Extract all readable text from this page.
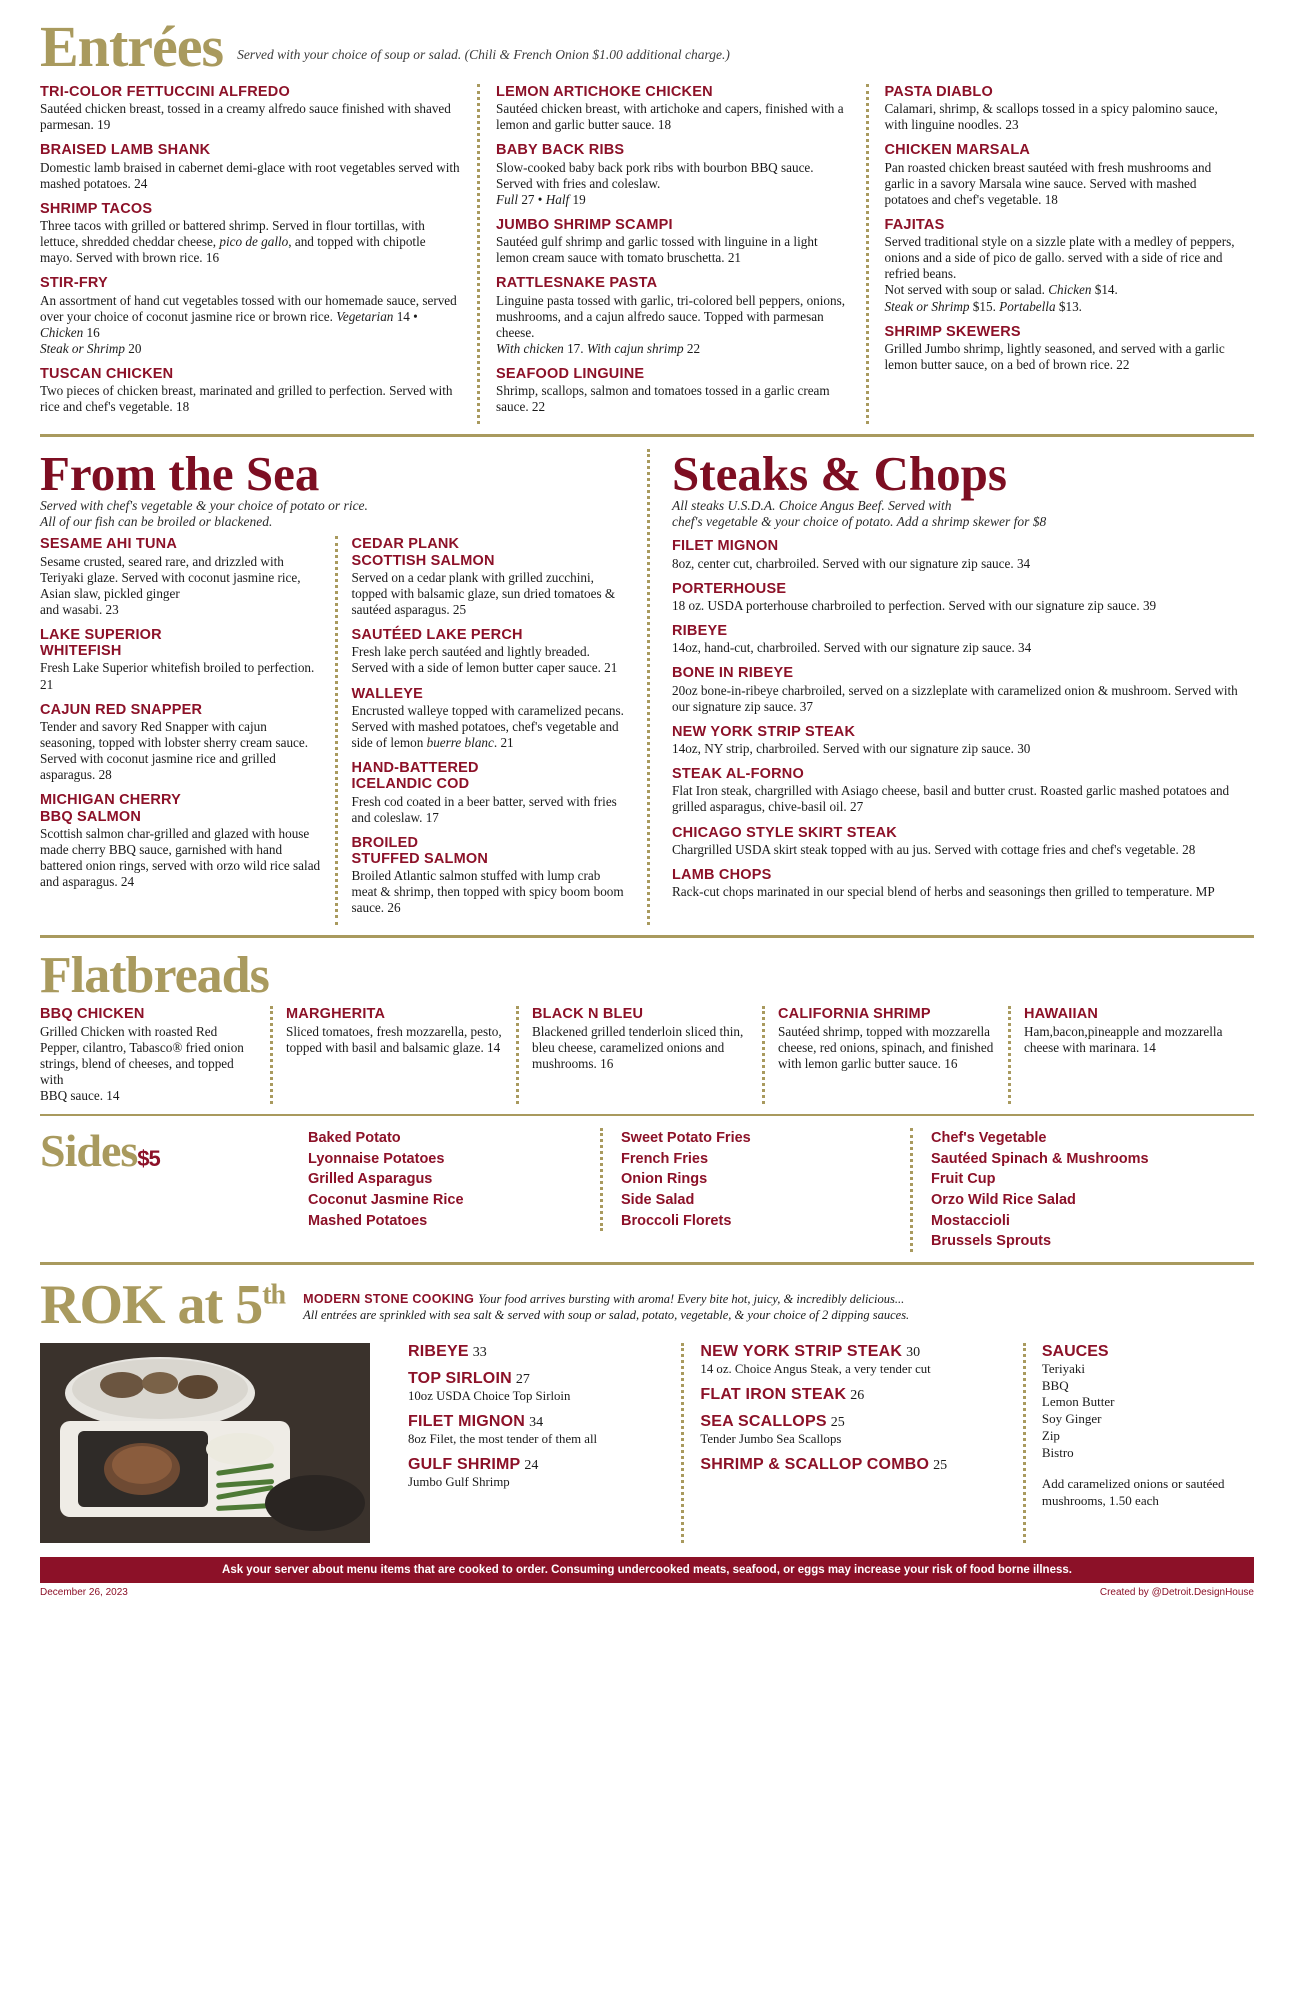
Entrées Served with your choice of soup or salad. (Chili & French Onion $1.00 additional charge.)
TRI-COLOR FETTUCCINI ALFREDO
Sautéed chicken breast, tossed in a creamy alfredo sauce finished with shaved parmesan. 19
BRAISED LAMB SHANK
Domestic lamb braised in cabernet demi-glace with root vegetables served with mashed potatoes. 24
SHRIMP TACOS
Three tacos with grilled or battered shrimp. Served in flour tortillas, with lettuce, shredded cheddar cheese, pico de gallo, and topped with chipotle mayo. Served with brown rice. 16
STIR-FRY
An assortment of hand cut vegetables tossed with our homemade sauce, served over your choice of coconut jasmine rice or brown rice. Vegetarian 14 • Chicken 16
Steak or Shrimp 20
TUSCAN CHICKEN
Two pieces of chicken breast, marinated and grilled to perfection. Served with rice and chef's vegetable. 18
LEMON ARTICHOKE CHICKEN
Sautéed chicken breast, with artichoke and capers, finished with a lemon and garlic butter sauce. 18
BABY BACK RIBS
Slow-cooked baby back pork ribs with bourbon BBQ sauce. Served with fries and coleslaw.
Full 27 • Half 19
JUMBO SHRIMP SCAMPI
Sautéed gulf shrimp and garlic tossed with linguine in a light lemon cream sauce with tomato bruschetta. 21
RATTLESNAKE PASTA
Linguine pasta tossed with garlic, tri-colored bell peppers, onions, mushrooms, and a cajun alfredo sauce. Topped with parmesan cheese.
With chicken 17. With cajun shrimp 22
SEAFOOD LINGUINE
Shrimp, scallops, salmon and tomatoes tossed in a garlic cream sauce. 22
PASTA DIABLO
Calamari, shrimp, & scallops tossed in a spicy palomino sauce, with linguine noodles. 23
CHICKEN MARSALA
Pan roasted chicken breast sautéed with fresh mushrooms and garlic in a savory Marsala wine sauce. Served with mashed potatoes and chef's vegetable. 18
FAJITAS
Served traditional style on a sizzle plate with a medley of peppers, onions and a side of pico de gallo. served with a side of rice and refried beans.
Not served with soup or salad. Chicken $14.
Steak or Shrimp $15. Portabella $13.
SHRIMP SKEWERS
Grilled Jumbo shrimp, lightly seasoned, and served with a garlic lemon butter sauce, on a bed of brown rice. 22
From the Sea
Served with chef's vegetable & your choice of potato or rice.
All of our fish can be broiled or blackened.
SESAME AHI TUNA
Sesame crusted, seared rare, and drizzled with Teriyaki glaze. Served with coconut jasmine rice, Asian slaw, pickled ginger
and wasabi. 23
LAKE SUPERIOR
WHITEFISH
Fresh Lake Superior whitefish broiled to perfection. 21
CAJUN RED SNAPPER
Tender and savory Red Snapper with cajun seasoning, topped with lobster sherry cream sauce. Served with coconut jasmine rice and grilled asparagus. 28
MICHIGAN CHERRY
BBQ SALMON
Scottish salmon char-grilled and glazed with house made cherry BBQ sauce, garnished with hand battered onion rings, served with orzo wild rice salad and asparagus. 24
CEDAR PLANK
SCOTTISH SALMON
Served on a cedar plank with grilled zucchini, topped with balsamic glaze, sun dried tomatoes & sautéed asparagus. 25
SAUTÉED LAKE PERCH
Fresh lake perch sautéed and lightly breaded. Served with a side of lemon butter caper sauce. 21
WALLEYE
Encrusted walleye topped with caramelized pecans. Served with mashed potatoes, chef's vegetable and side of lemon buerre blanc. 21
HAND-BATTERED
ICELANDIC COD
Fresh cod coated in a beer batter, served with fries and coleslaw. 17
BROILED
STUFFED SALMON
Broiled Atlantic salmon stuffed with lump crab meat & shrimp, then topped with spicy boom boom sauce. 26
Steaks & Chops
All steaks U.S.D.A. Choice Angus Beef. Served with
chef's vegetable & your choice of potato. Add a shrimp skewer for $8
FILET MIGNON
8oz, center cut, charbroiled. Served with our signature zip sauce. 34
PORTERHOUSE
18 oz. USDA porterhouse charbroiled to perfection. Served with our signature zip sauce. 39
RIBEYE
14oz, hand-cut, charbroiled. Served with our signature zip sauce. 34
BONE IN RIBEYE
20oz bone-in-ribeye charbroiled, served on a sizzleplate with caramelized onion & mushroom. Served with our signature zip sauce. 37
NEW YORK STRIP STEAK
14oz, NY strip, charbroiled. Served with our signature zip sauce. 30
STEAK AL-FORNO
Flat Iron steak, chargrilled with Asiago cheese, basil and butter crust. Roasted garlic mashed potatoes and grilled asparagus, chive-basil oil. 27
CHICAGO STYLE SKIRT STEAK
Chargrilled USDA skirt steak topped with au jus. Served with cottage fries and chef's vegetable. 28
LAMB CHOPS
Rack-cut chops marinated in our special blend of herbs and seasonings then grilled to temperature. MP
Flatbreads
BBQ CHICKEN
Grilled Chicken with roasted Red Pepper, cilantro, Tabasco® fried onion strings, blend of cheeses, and topped with
BBQ sauce. 14
MARGHERITA
Sliced tomatoes, fresh mozzarella, pesto, topped with basil and balsamic glaze. 14
BLACK N BLEU
Blackened grilled tenderloin sliced thin, bleu cheese, caramelized onions and mushrooms. 16
CALIFORNIA SHRIMP
Sautéed shrimp, topped with mozzarella cheese, red onions, spinach, and finished with lemon garlic butter sauce. 16
HAWAIIAN
Ham,bacon,pineapple and mozzarella cheese with marinara. 14
Sides$5
Baked Potato
Lyonnaise Potatoes
Grilled Asparagus
Coconut Jasmine Rice
Mashed Potatoes
Sweet Potato Fries
French Fries
Onion Rings
Side Salad
Broccoli Florets
Chef's Vegetable
Sautéed Spinach & Mushrooms
Fruit Cup
Orzo Wild Rice Salad
Mostaccioli
Brussels Sprouts
ROK at 5th MODERN STONE COOKING Your food arrives bursting with aroma! Every bite hot, juicy, & incredibly delicious...
All entrées are sprinkled with sea salt & served with soup or salad, potato, vegetable, & your choice of 2 dipping sauces.
RIBEYE 33
TOP SIRLOIN 27
10oz USDA Choice Top Sirloin
FILET MIGNON 34
8oz Filet, the most tender of them all
GULF SHRIMP 24
Jumbo Gulf Shrimp
NEW YORK STRIP STEAK 30
14 oz. Choice Angus Steak, a very tender cut
FLAT IRON STEAK 26
SEA SCALLOPS 25
Tender Jumbo Sea Scallops
SHRIMP & SCALLOP COMBO 25
SAUCES
Teriyaki
BBQ
Lemon Butter
Soy Ginger
Zip
Bistro
Add caramelized onions or sautéed mushrooms, 1.50 each
Ask your server about menu items that are cooked to order. Consuming undercooked meats, seafood, or eggs may increase your risk of food borne illness.
December 26, 2023	Created by @Detroit.DesignHouse
